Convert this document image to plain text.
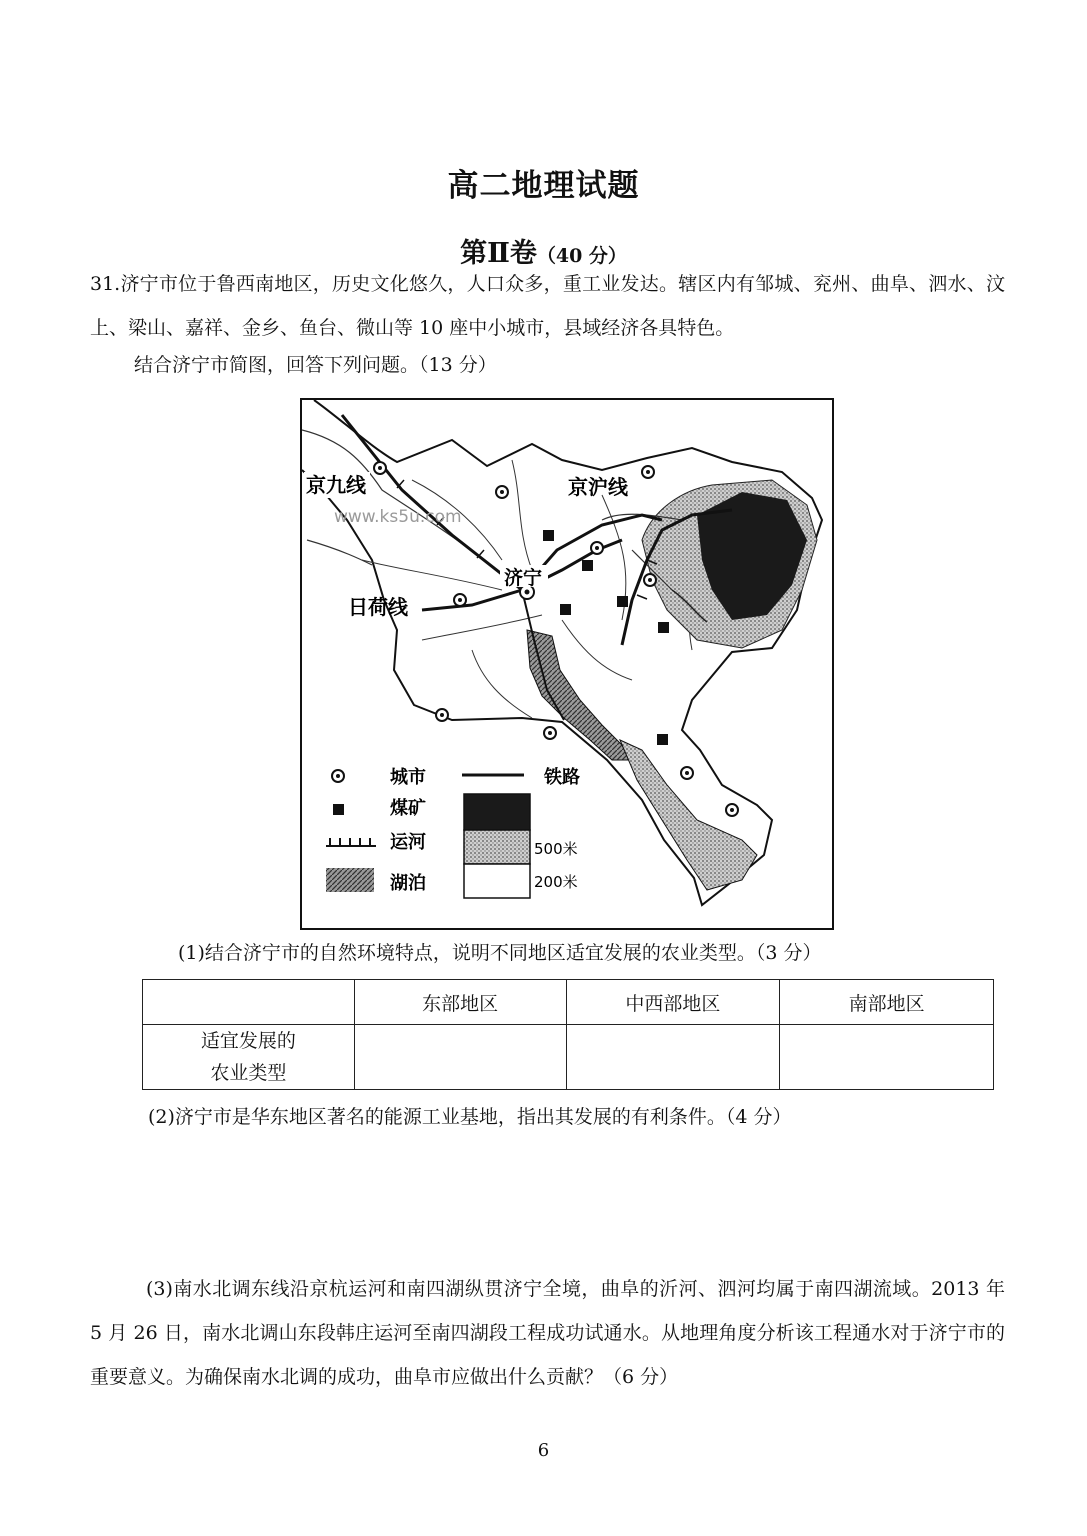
高二地理试题
第Ⅱ卷（40 分）
31.济宁市位于鲁西南地区，历史文化悠久，人口众多，重工业发达。辖区内有邹城、兖州、曲阜、泗水、汶上、梁山、嘉祥、金乡、鱼台、微山等 10 座中小城市，县域经济各具特色。
结合济宁市简图，回答下列问题。（13 分）
京九线	京沪线
日荷线
济宁
www.ks5u.com
城市	铁路
煤矿
运河
湖泊
500米
200米
(1)结合济宁市的自然环境特点，说明不同地区适宜发展的农业类型。（3 分）
	东部地区	中西部地区	南部地区

适宜发展的
农业类型			

(2)济宁市是华东地区著名的能源工业基地，指出其发展的有利条件。（4 分）
(3)南水北调东线沿京杭运河和南四湖纵贯济宁全境，曲阜的沂河、泗河均属于南四湖流域。2013 年 5 月 26 日，南水北调山东段韩庄运河至南四湖段工程成功试通水。从地理角度分析该工程通水对于济宁市的重要意义。为确保南水北调的成功，曲阜市应做出什么贡献？（6 分）
6
